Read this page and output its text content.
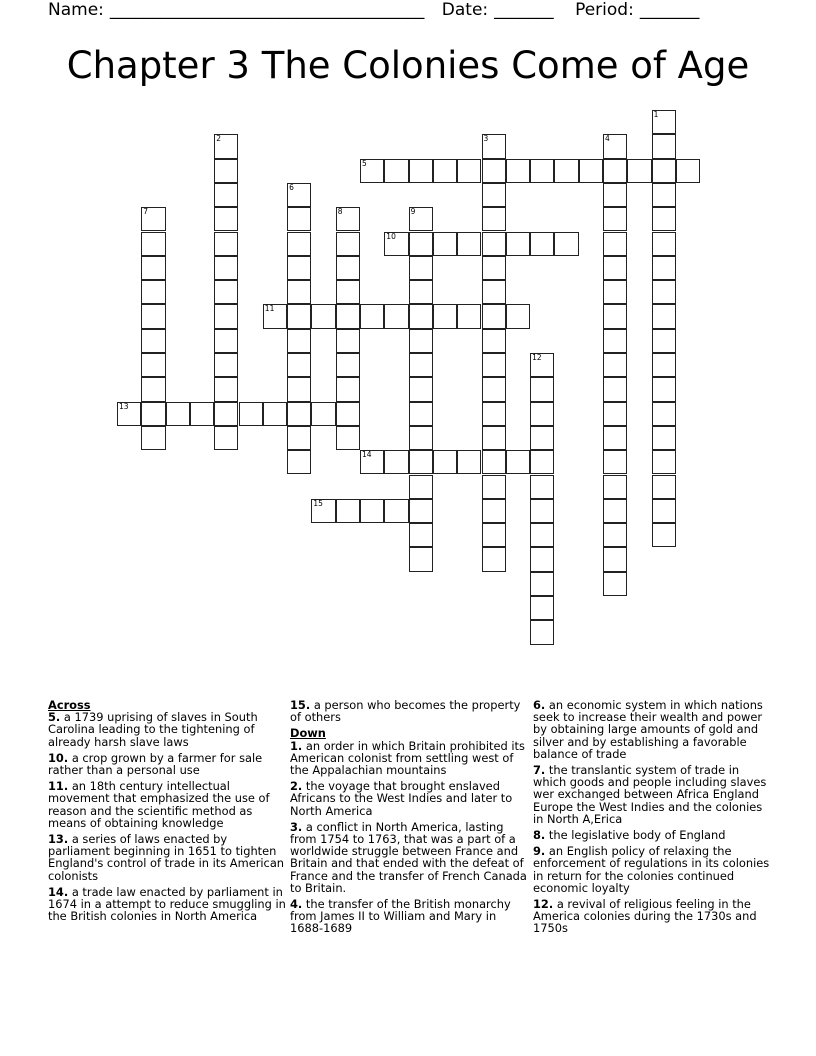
Name: _____________________________________ Date: _______ Period: _______
Chapter 3 The Colonies Come of Age
1
2	3	4
5
6
7	8	9
10
11
12
13
14
15
Across
5. a 1739 uprising of slaves in South Carolina leading to the tightening of already harsh slave laws
10. a crop grown by a farmer for sale rather than a personal use
11. an 18th century intellectual movement that emphasized the use of reason and the scientific method as means of obtaining knowledge
13. a series of laws enacted by parliament beginning in 1651 to tighten England's control of trade in its American colonists
14. a trade law enacted by parliament in 1674 in a attempt to reduce smuggling in the British colonies in North America
15. a person who becomes the property of others
Down
1. an order in which Britain prohibited its American colonist from settling west of the Appalachian mountains
2. the voyage that brought enslaved Africans to the West Indies and later to North America
3. a conflict in North America, lasting from 1754 to 1763, that was a part of a worldwide struggle between France and Britain and that ended with the defeat of France and the transfer of French Canada to Britain.
4. the transfer of the British monarchy from James II to William and Mary in 1688-1689
6. an economic system in which nations seek to increase their wealth and power by obtaining large amounts of gold and silver and by establishing a favorable balance of trade
7. the translantic system of trade in which goods and people including slaves wer exchanged between Africa England Europe the West Indies and the colonies in North A,Erica
8. the legislative body of England
9. an English policy of relaxing the enforcement of regulations in its colonies in return for the colonies continued economic loyalty
12. a revival of religious feeling in the America colonies during the 1730s and 1750s
